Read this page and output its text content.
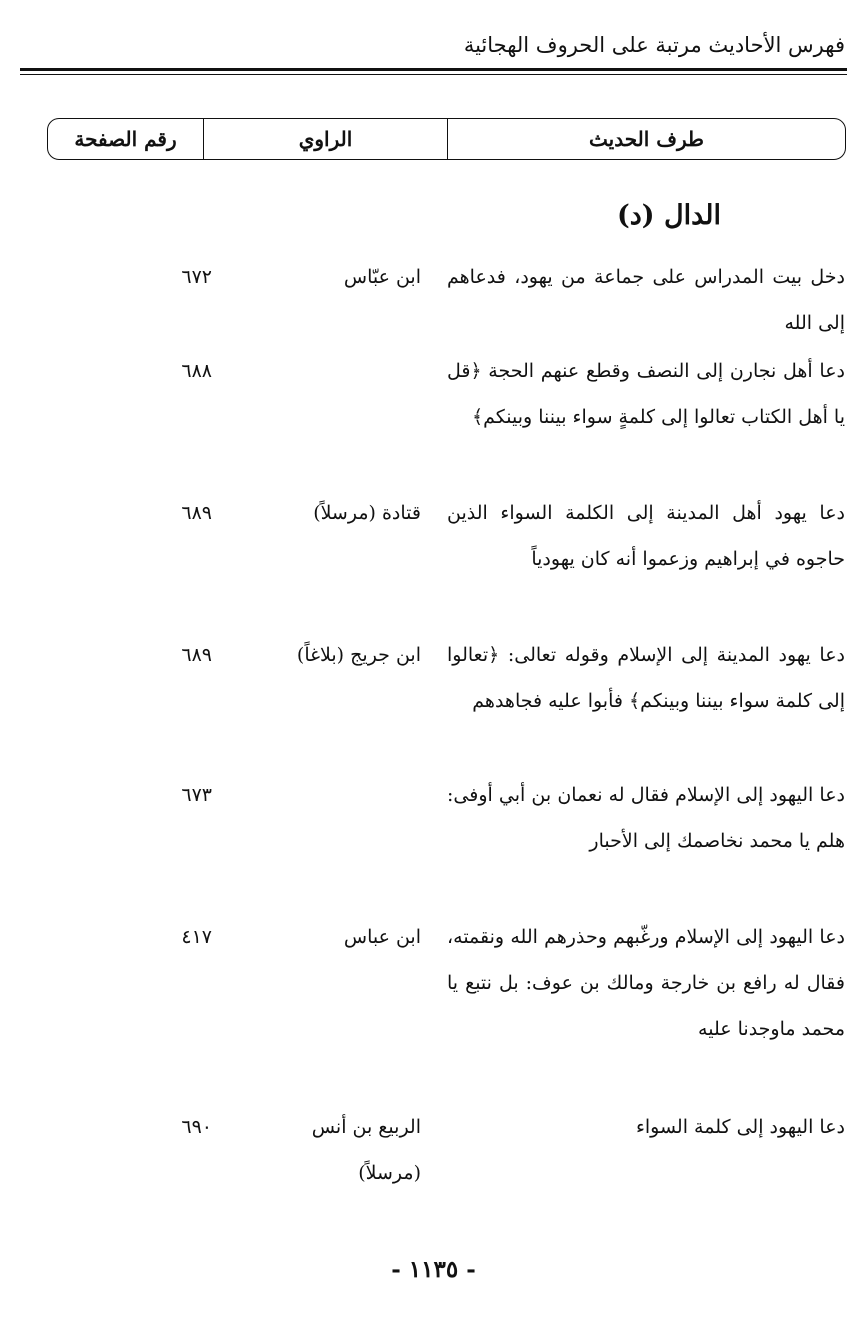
فهرس الأحاديث مرتبة على الحروف الهجائية
طرف الحديث
الراوي
رقم الصفحة
الدال (د)
دخل بيت المدراس على جماعة من يهود، فدعاهم إلى الله
ابن عبّاس
٦٧٢
دعا أهل نجارن إلى النصف وقطع عنهم الحجة ﴿قل يا أهل الكتاب تعالوا إلى كلمةٍ سواء بيننا وبينكم﴾
٦٨٨
دعا يهود أهل المدينة إلى الكلمة السواء الذين حاجوه في إبراهيم وزعموا أنه كان يهودياً
قتادة (مرسلاً)
٦٨٩
دعا يهود المدينة إلى الإسلام وقوله تعالى: ﴿تعالوا إلى كلمة سواء بيننا وبينكم﴾ فأبوا عليه فجاهدهم
ابن جريج (بلاغاً)
٦٨٩
دعا اليهود إلى الإسلام فقال له نعمان بن أبي أوفى: هلم يا محمد نخاصمك إلى الأحبار
٦٧٣
دعا اليهود إلى الإسلام ورغّبهم وحذرهم الله ونقمته، فقال له رافع بن خارجة ومالك بن عوف: بل نتبع يا محمد ماوجدنا عليه
ابن عباس
٤١٧
دعا اليهود إلى كلمة السواء
الربيع بن أنس (مرسلاً)
٦٩٠
- ١١٣٥ -
